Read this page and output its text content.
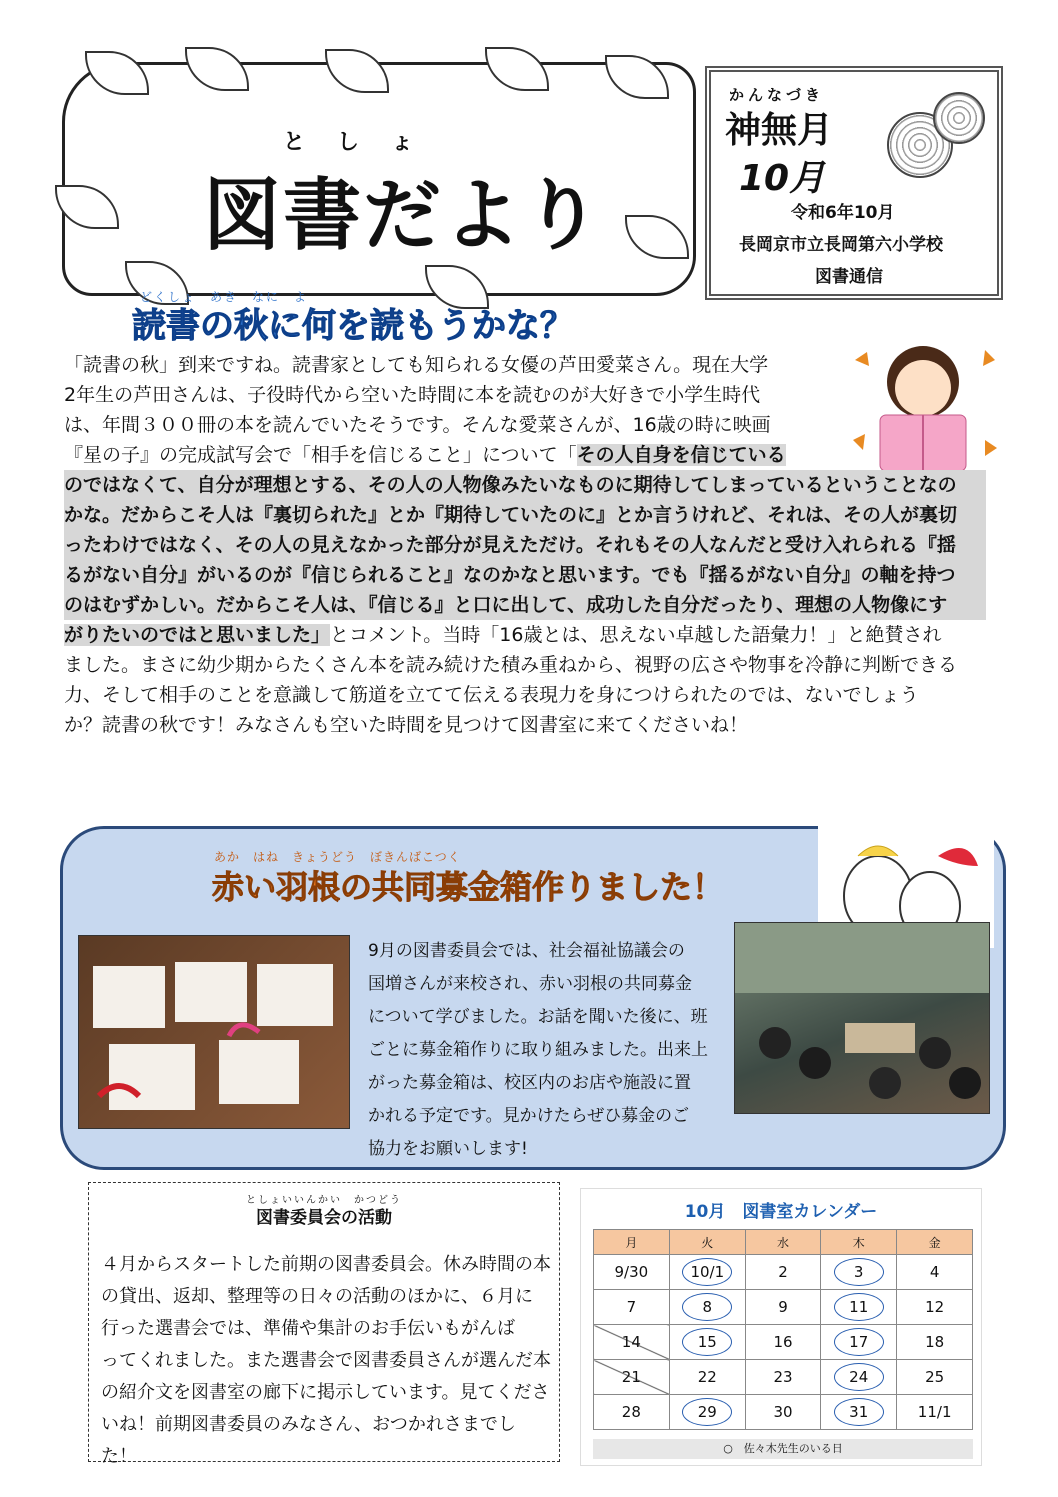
としょ
図書だより
かんなづき
神無月
10月
令和6年10月
長岡京市立長岡第六小学校
図書通信
どくしょ　あき　なに　よ
読書の秋に何を読もうかな？
「読書の秋」到来ですね。読書家としても知られる女優の芦田愛菜さん。現在大学
2年生の芦田さんは、子役時代から空いた時間に本を読むのが大好きで小学生時代
は、年間３００冊の本を読んでいたそうです。そんな愛菜さんが、16歳の時に映画
『星の子』の完成試写会で「相手を信じること」について「その人自身を信じている
のではなくて、自分が理想とする、その人の人物像みたいなものに期待してしまっているということなの
かな。だからこそ人は『裏切られた』とか『期待していたのに』とか言うけれど、それは、その人が裏切
ったわけではなく、その人の見えなかった部分が見えただけ。それもその人なんだと受け入れられる『揺
るがない自分』がいるのが『信じられること』なのかなと思います。でも『揺るがない自分』の軸を持つ
のはむずかしい。だからこそ人は、『信じる』と口に出して、成功した自分だったり、理想の人物像にす
がりたいのではと思いました」とコメント。当時「16歳とは、思えない卓越した語彙力！」と絶賛され
ました。まさに幼少期からたくさん本を読み続けた積み重ねから、視野の広さや物事を冷静に判断できる
力、そして相手のことを意識して筋道を立てて伝える表現力を身につけられたのでは、ないでしょう
か？読書の秋です！みなさんも空いた時間を見つけて図書室に来てくださいね！
あか　はね　きょうどう　ぼきんばこつく
赤い羽根の共同募金箱作りました！
9月の図書委員会では、社会福祉協議会の
国増さんが来校され、赤い羽根の共同募金
について学びました。お話を聞いた後に、班
ごとに募金箱作りに取り組みました。出来上
がった募金箱は、校区内のお店や施設に置
かれる予定です。見かけたらぜひ募金のご
協力をお願いします!
としょいいんかい　かつどう
図書委員会の活動
４月からスタートした前期の図書委員会。休み時間の本
の貸出、返却、整理等の日々の活動のほかに、６月に
行った選書会では、準備や集計のお手伝いもがんば
ってくれました。また選書会で図書委員さんが選んだ本
の紹介文を図書室の廊下に掲示しています。見てくださ
いね！前期図書委員のみなさん、おつかれさまでした！
10月　図書室カレンダー
月	火	水	木	金
9/30	10/1	2	3	4
7	8	9	11	12
14	15	16	17	18
21	22	23	24	25
28	29	30	31	11/1
○　佐々木先生のいる日
